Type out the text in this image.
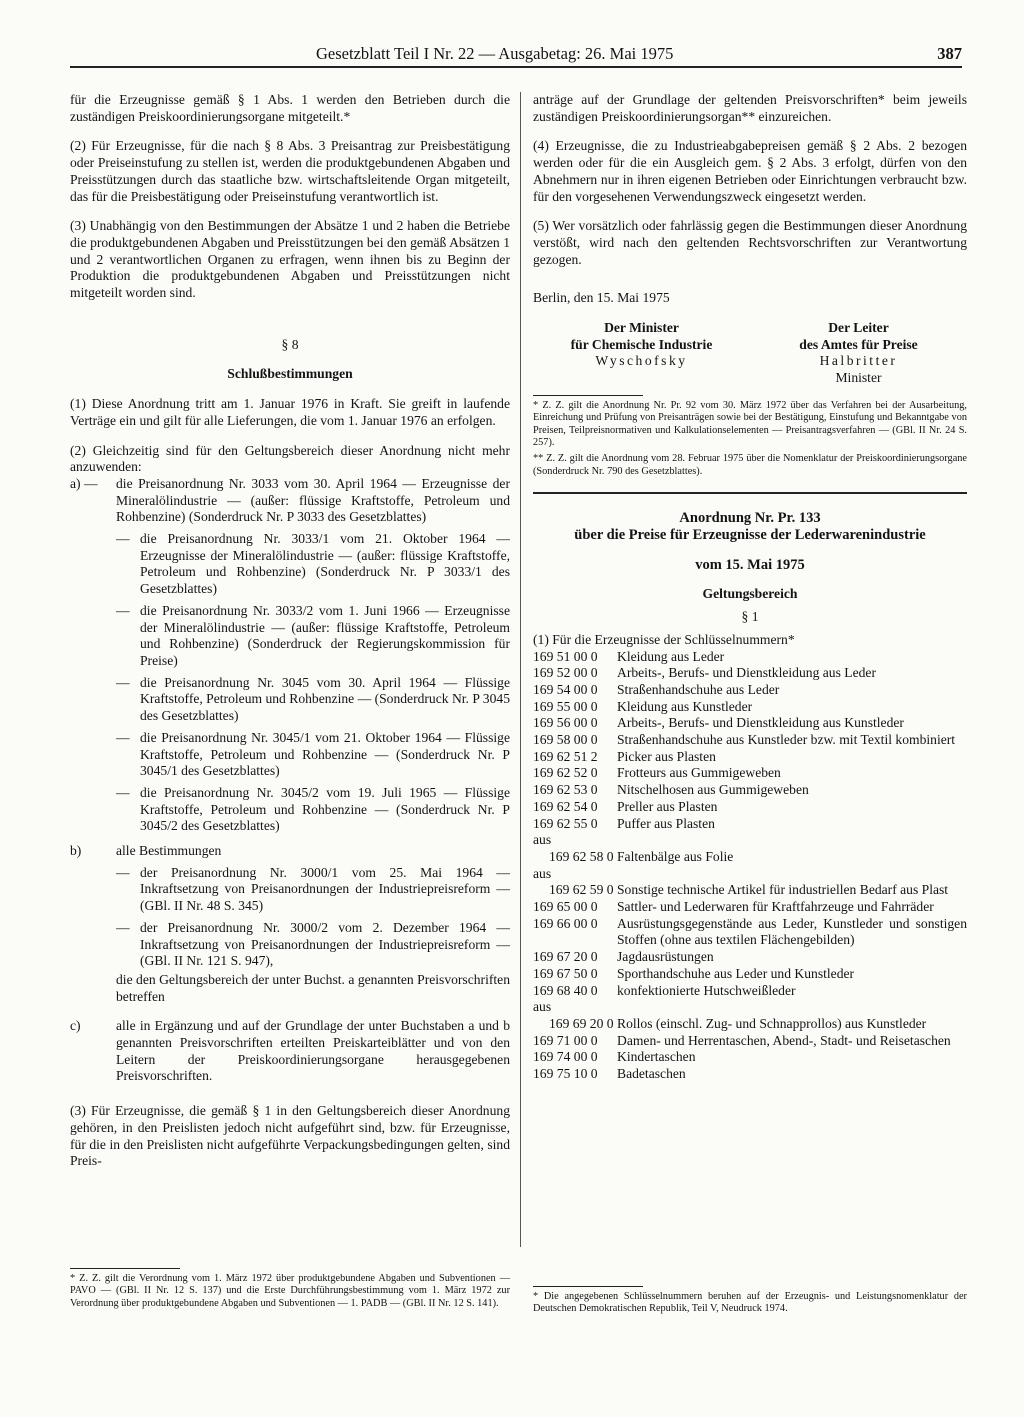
Gesetzblatt Teil I Nr. 22 — Ausgabetag: 26. Mai 1975	387

für die Erzeugnisse gemäß § 1 Abs. 1 werden den Betrieben durch die zuständigen Preiskoordinierungsorgane mitgeteilt.*

(2) Für Erzeugnisse, für die nach § 8 Abs. 3 Preisantrag zur Preisbestätigung oder Preiseinstufung zu stellen ist, werden die produktgebundenen Abgaben und Preisstützungen durch das staatliche bzw. wirtschaftsleitende Organ mitgeteilt, das für die Preisbestätigung oder Preiseinstufung verantwortlich ist.

(3) Unabhängig von den Bestimmungen der Absätze 1 und 2 haben die Betriebe die produktgebundenen Abgaben und Preisstützungen bei den gemäß Absätzen 1 und 2 verantwortlichen Organen zu erfragen, wenn ihnen bis zu Beginn der Produktion die produktgebundenen Abgaben und Preisstützungen nicht mitgeteilt worden sind.

§ 8

Schlußbestimmungen

(1) Diese Anordnung tritt am 1. Januar 1976 in Kraft. Sie greift in laufende Verträge ein und gilt für alle Lieferungen, die vom 1. Januar 1976 an erfolgen.

(2) Gleichzeitig sind für den Geltungsbereich dieser Anordnung nicht mehr anzuwenden:

a) —	die Preisanordnung Nr. 3033 vom 30. April 1964 — Erzeugnisse der Mineralölindustrie — (außer: flüssige Kraftstoffe, Petroleum und Rohbenzine) (Sonderdruck Nr. P 3033 des Gesetzblattes)
— die Preisanordnung Nr. 3033/1 vom 21. Oktober 1964 — Erzeugnisse der Mineralölindustrie — (außer: flüssige Kraftstoffe, Petroleum und Rohbenzine) (Sonderdruck Nr. P 3033/1 des Gesetzblattes)
— die Preisanordnung Nr. 3033/2 vom 1. Juni 1966 — Erzeugnisse der Mineralölindustrie — (außer: flüssige Kraftstoffe, Petroleum und Rohbenzine) (Sonderdruck der Regierungskommission für Preise)
— die Preisanordnung Nr. 3045 vom 30. April 1964 — Flüssige Kraftstoffe, Petroleum und Rohbenzine — (Sonderdruck Nr. P 3045 des Gesetzblattes)
— die Preisanordnung Nr. 3045/1 vom 21. Oktober 1964 — Flüssige Kraftstoffe, Petroleum und Rohbenzine — (Sonderdruck Nr. P 3045/1 des Gesetzblattes)
— die Preisanordnung Nr. 3045/2 vom 19. Juli 1965 — Flüssige Kraftstoffe, Petroleum und Rohbenzine — (Sonderdruck Nr. P 3045/2 des Gesetzblattes)
b)	alle Bestimmungen
— der Preisanordnung Nr. 3000/1 vom 25. Mai 1964 — Inkraftsetzung von Preisanordnungen der Industriepreisreform — (GBl. II Nr. 48 S. 345)
— der Preisanordnung Nr. 3000/2 vom 2. Dezember 1964 — Inkraftsetzung von Preisanordnungen der Industriepreisreform — (GBl. II Nr. 121 S. 947),

die den Geltungsbereich der unter Buchst. a genannten Preisvorschriften betreffen

c)	alle in Ergänzung und auf der Grundlage der unter Buchstaben a und b genannten Preisvorschriften erteilten Preiskarteiblätter und von den Leitern der Preiskoordinierungsorgane herausgegebenen Preisvorschriften.

(3) Für Erzeugnisse, die gemäß § 1 in den Geltungsbereich dieser Anordnung gehören, in den Preislisten jedoch nicht aufgeführt sind, bzw. für Erzeugnisse, für die in den Preislisten nicht aufgeführte Verpackungsbedingungen gelten, sind Preis-

* Z. Z. gilt die Verordnung vom 1. März 1972 über produktgebundene Abgaben und Subventionen — PAVO — (GBl. II Nr. 12 S. 137) und die Erste Durchführungsbestimmung vom 1. März 1972 zur Verordnung über produktgebundene Abgaben und Subventionen — 1. PADB — (GBl. II Nr. 12 S. 141).

anträge auf der Grundlage der geltenden Preisvorschriften* beim jeweils zuständigen Preiskoordinierungsorgan** einzureichen.

(4) Erzeugnisse, die zu Industrieabgabepreisen gemäß § 2 Abs. 2 bezogen werden oder für die ein Ausgleich gem. § 2 Abs. 3 erfolgt, dürfen von den Abnehmern nur in ihren eigenen Betrieben oder Einrichtungen verbraucht bzw. für den vorgesehenen Verwendungszweck eingesetzt werden.

(5) Wer vorsätzlich oder fahrlässig gegen die Bestimmungen dieser Anordnung verstößt, wird nach den geltenden Rechtsvorschriften zur Verantwortung gezogen.

Berlin, den 15. Mai 1975

Der Minister
für Chemische Industrie
Wyschofsky
Der Leiter
des Amtes für Preise
Halbritter
Minister

* Z. Z. gilt die Anordnung Nr. Pr. 92 vom 30. März 1972 über das Verfahren bei der Ausarbeitung, Einreichung und Prüfung von Preisanträgen sowie bei der Bestätigung, Einstufung und Bekanntgabe von Preisen, Teilpreisnormativen und Kalkulationselementen — Preisantragsverfahren — (GBl. II Nr. 24 S. 257).

** Z. Z. gilt die Anordnung vom 28. Februar 1975 über die Nomenklatur der Preiskoordinierungsorgane (Sonderdruck Nr. 790 des Gesetzblattes).

Anordnung Nr. Pr. 133

über die Preise für Erzeugnisse der Lederwarenindustrie

vom 15. Mai 1975

Geltungsbereich

§ 1

(1) Für die Erzeugnisse der Schlüsselnummern*

169 51 00 0	Kleidung aus Leder
169 52 00 0	Arbeits-, Berufs- und Dienstkleidung aus Leder
169 54 00 0	Straßenhandschuhe aus Leder
169 55 00 0	Kleidung aus Kunstleder
169 56 00 0	Arbeits-, Berufs- und Dienstkleidung aus Kunstleder
169 58 00 0	Straßenhandschuhe aus Kunstleder bzw. mit Textil kombiniert
169 62 51 2	Picker aus Plasten
169 62 52 0	Frotteurs aus Gummigeweben
169 62 53 0	Nitschelhosen aus Gummigeweben
169 62 54 0	Preller aus Plasten
169 62 55 0	Puffer aus Plasten
aus
169 62 58 0 Faltenbälge aus Folie
aus
169 62 59 0 Sonstige technische Artikel für industriellen Bedarf aus Plast
169 65 00 0	Sattler- und Lederwaren für Kraftfahrzeuge und Fahrräder
169 66 00 0	Ausrüstungsgegenstände aus Leder, Kunstleder und sonstigen Stoffen (ohne aus textilen Flächengebilden)
169 67 20 0	Jagdausrüstungen
169 67 50 0	Sporthandschuhe aus Leder und Kunstleder
169 68 40 0	konfektionierte Hutschweißleder
aus
169 69 20 0 Rollos (einschl. Zug- und Schnapprollos) aus Kunstleder
169 71 00 0	Damen- und Herrentaschen, Abend-, Stadt- und Reisetaschen
169 74 00 0	Kindertaschen
169 75 10 0	Badetaschen

* Die angegebenen Schlüsselnummern beruhen auf der Erzeugnis- und Leistungsnomenklatur der Deutschen Demokratischen Republik, Teil V, Neudruck 1974.
